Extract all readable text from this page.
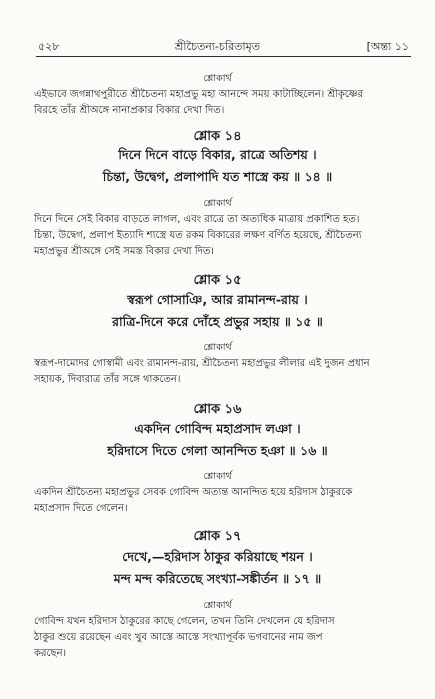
৫২৮	শ্রীচৈতন্য-চরিতামৃত	[অন্ত্য ১১
শ্লোকার্থ
এইভাবে জগন্নাথপুরীতে শ্রীচৈতন্য মহাপ্রভু মহা আনন্দে সময় কাটাচ্ছিলেন। শ্রীকৃষ্ণের
বিরহে তাঁর শ্রীঅঙ্গে নানাপ্রকার বিকার দেখা দিত।
শ্লোক ১৪
দিনে দিনে বাড়ে বিকার, রাত্রে অতিশয় ।
চিন্তা, উদ্বেগ, প্রলাপাদি যত শাস্ত্রে কয় ॥ ১৪ ॥
শ্লোকার্থ
দিনে দিনে সেই বিকার বাড়তে লাগল, এবং রাত্রে তা অত্যধিক মাত্রায় প্রকাশিত হত।
চিন্তা, উদ্বেগ, প্রলাপ ইত্যাদি শাস্ত্রে যত রকম বিকারের লক্ষণ বর্ণিত হয়েছে, শ্রীচৈতন্য
মহাপ্রভুর শ্রীঅঙ্গে সেই সমস্ত বিকার দেখা দিত।
শ্লোক ১৫
স্বরূপ গোসাঞি, আর রামানন্দ-রায় ।
রাত্রি-দিনে করে দোঁহে প্রভুর সহায় ॥ ১৫ ॥
শ্লোকার্থ
স্বরূপ-দামোদর গোস্বামী এবং রামানন্দ-রায়, শ্রীচৈতন্য মহাপ্রভুর লীলার এই দুজন প্রধান
সহায়ক, দিবারাত্র তাঁর সঙ্গে থাকতেন।
শ্লোক ১৬
একদিন গোবিন্দ মহাপ্রসাদ লঞা ।
হরিদাসে দিতে গেলা আনন্দিত হঞা ॥ ১৬ ॥
শ্লোকার্থ
একদিন শ্রীচৈতন্য মহাপ্রভুর সেবক গোবিন্দ অত্যন্ত আনন্দিত হয়ে হরিদাস ঠাকুরকে
মহাপ্রসাদ দিতে গেলেন।
শ্লোক ১৭
দেখে,—হরিদাস ঠাকুর করিয়াছে শয়ন ।
মন্দ মন্দ করিতেছে সংখ্যা-সঙ্কীর্তন ॥ ১৭ ॥
শ্লোকার্থ
গোবিন্দ যখন হরিদাস ঠাকুরের কাছে গেলেন, তখন তিনি দেখলেন যে হরিদাস
ঠাকুর শুয়ে রয়েছেন এবং খুব আস্তে আস্তে সংখ্যাপূর্বক ভগবানের নাম জপ
করছেন।
